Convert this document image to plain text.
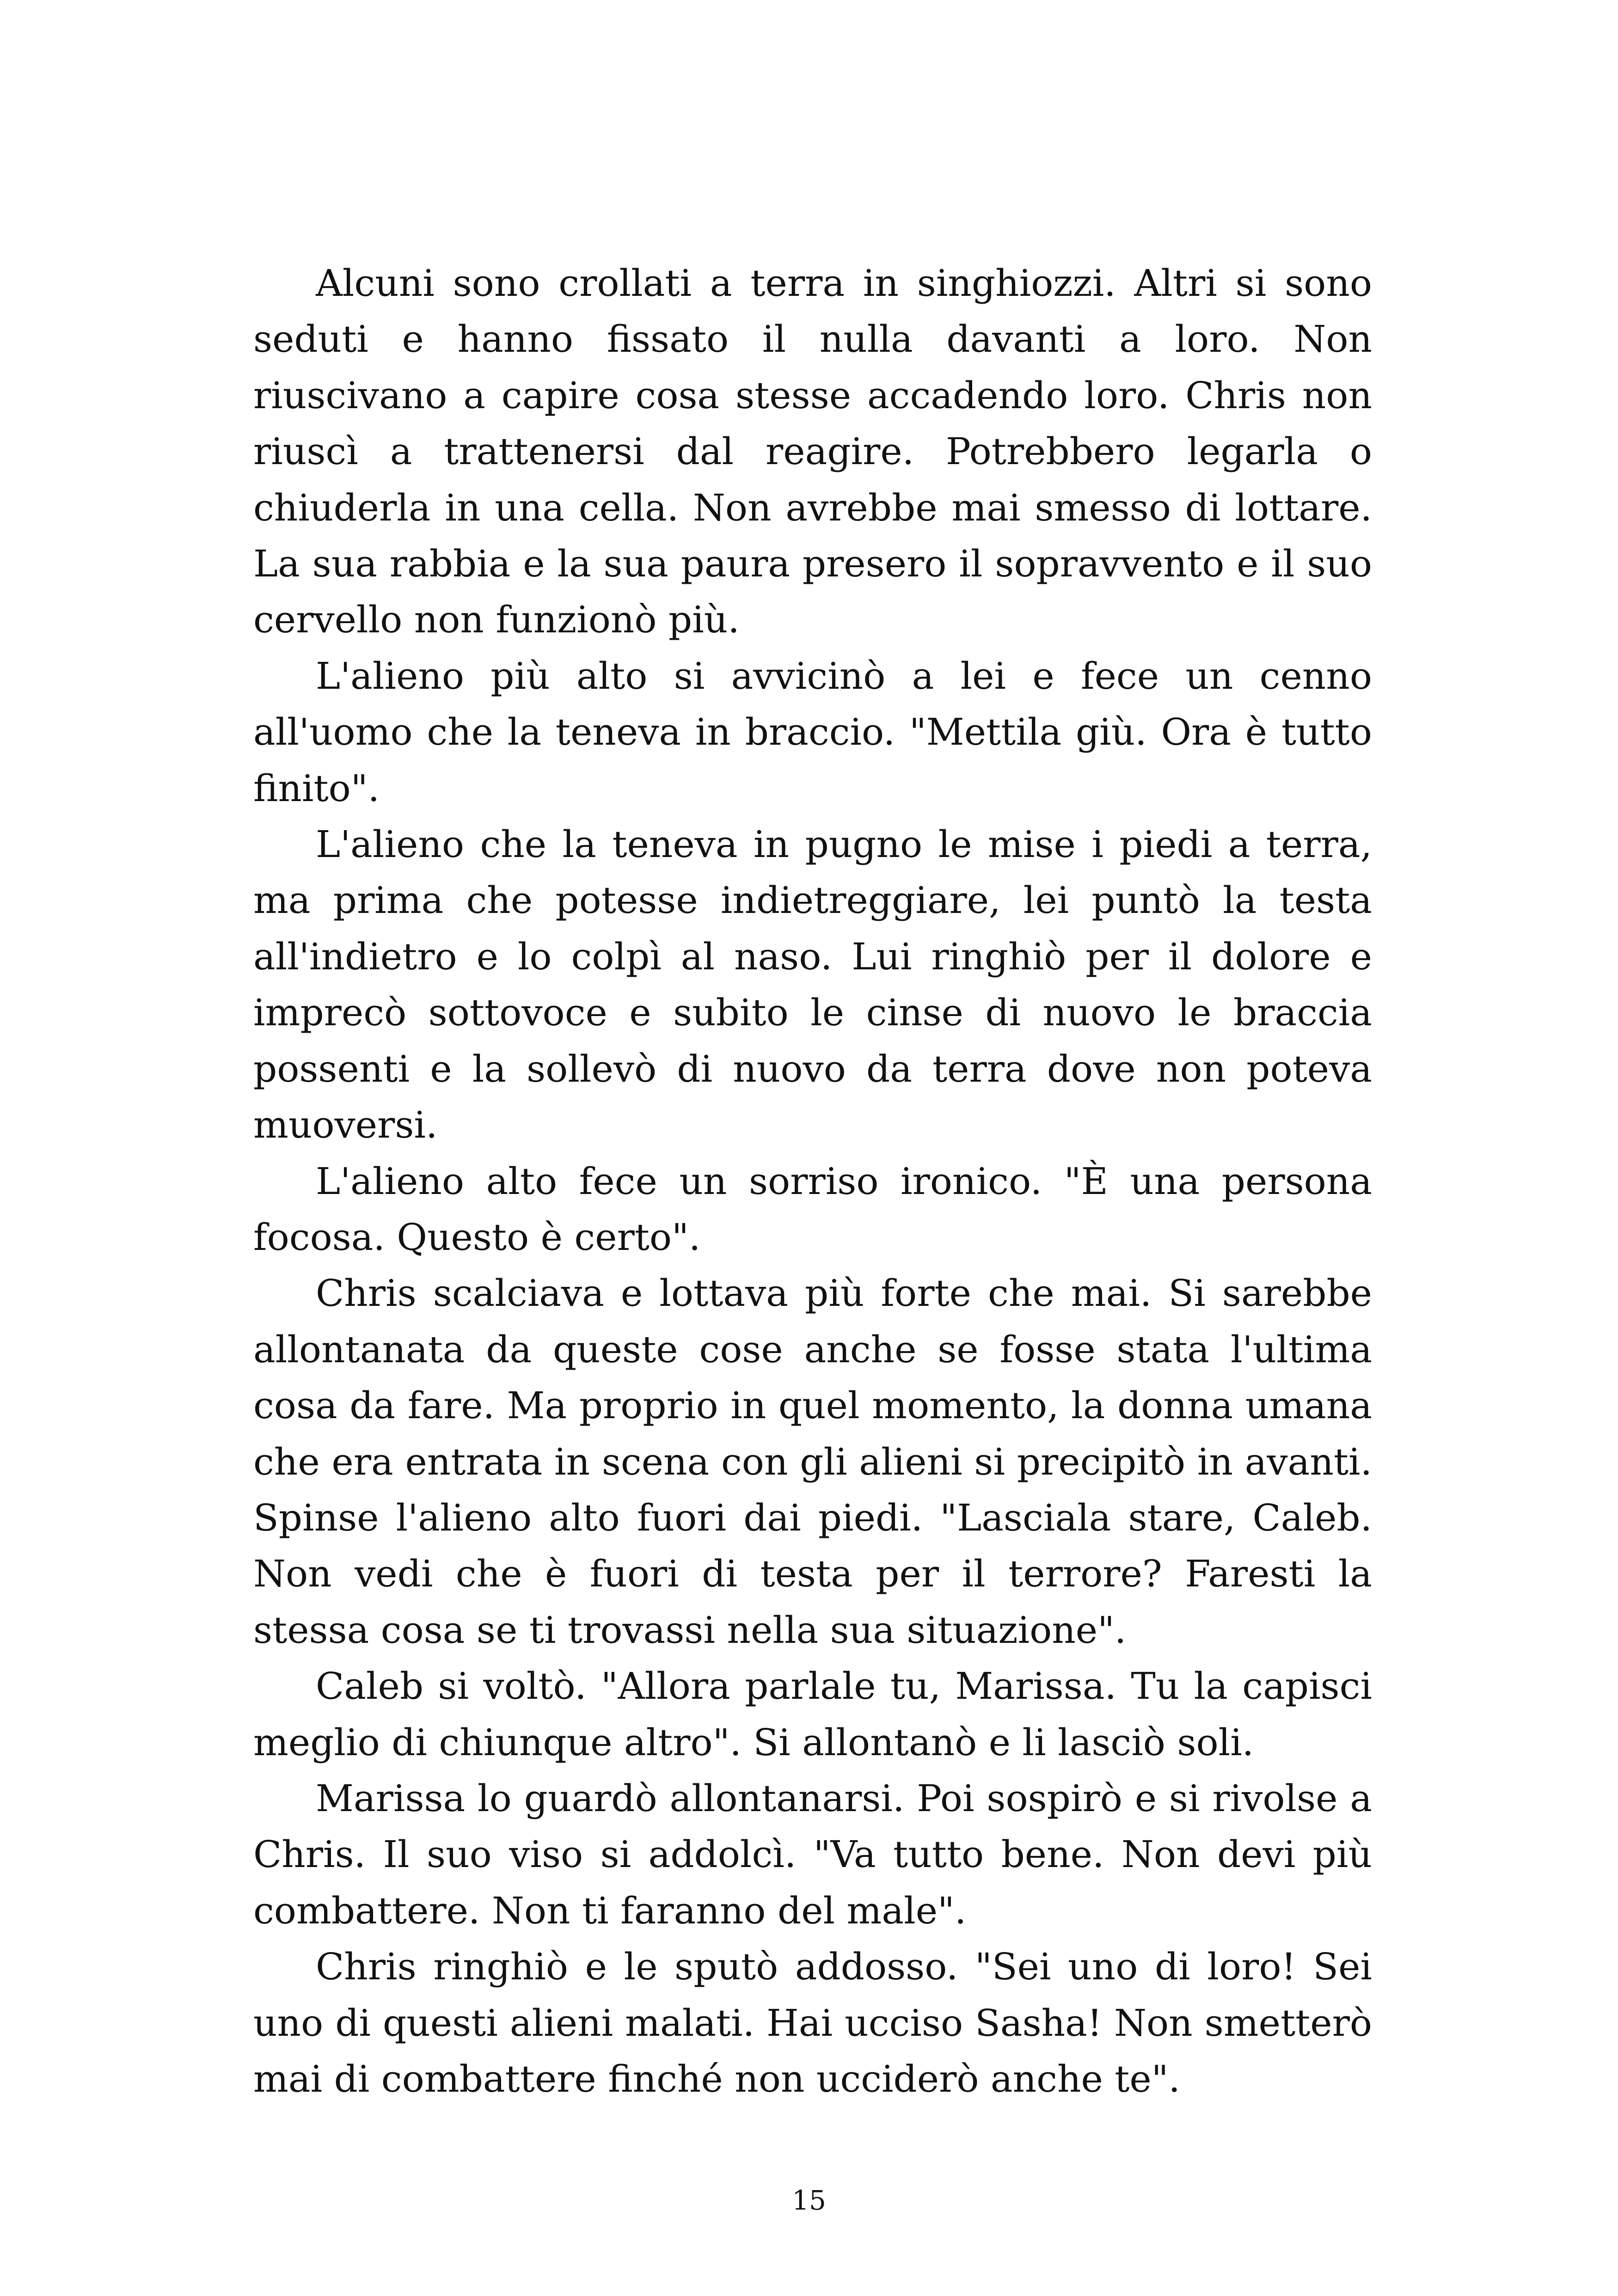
Alcuni sono crollati a terra in singhiozzi. Altri si sono seduti e hanno fissato il nulla davanti a loro. Non riuscivano a capire cosa stesse accadendo loro. Chris non riuscì a trattenersi dal reagire. Potrebbero legarla o chiuderla in una cella. Non avrebbe mai smesso di lottare. La sua rabbia e la sua paura presero il sopravvento e il suo cervello non funzionò più.

L'alieno più alto si avvicinò a lei e fece un cenno all'uomo che la teneva in braccio. "Mettila giù. Ora è tutto finito".

L'alieno che la teneva in pugno le mise i piedi a terra, ma prima che potesse indietreggiare, lei puntò la testa all'indietro e lo colpì al naso. Lui ringhiò per il dolore e imprecò sottovoce e subito le cinse di nuovo le braccia possenti e la sollevò di nuovo da terra dove non poteva muoversi.

L'alieno alto fece un sorriso ironico. "È una persona focosa. Questo è certo".

Chris scalciava e lottava più forte che mai. Si sarebbe allontanata da queste cose anche se fosse stata l'ultima cosa da fare. Ma proprio in quel momento, la donna umana che era entrata in scena con gli alieni si precipitò in avanti. Spinse l'alieno alto fuori dai piedi. "Lasciala stare, Caleb. Non vedi che è fuori di testa per il terrore? Faresti la stessa cosa se ti trovassi nella sua situazione".

Caleb si voltò. "Allora parlale tu, Marissa. Tu la capisci meglio di chiunque altro". Si allontanò e li lasciò soli.

Marissa lo guardò allontanarsi. Poi sospirò e si rivolse a Chris. Il suo viso si addolcì. "Va tutto bene. Non devi più combattere. Non ti faranno del male".

Chris ringhiò e le sputò addosso. "Sei uno di loro! Sei uno di questi alieni malati. Hai ucciso Sasha! Non smetterò mai di combattere finché non ucciderò anche te".

15
